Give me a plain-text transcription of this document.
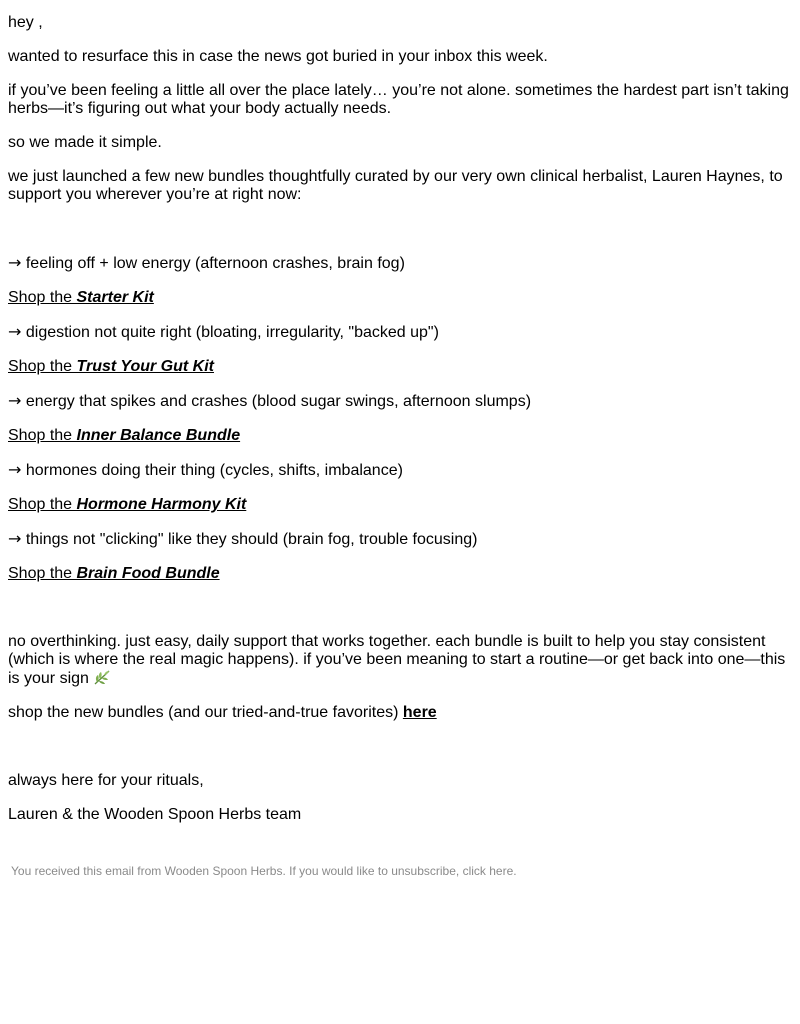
hey ,

wanted to resurface this in case the news got buried in your inbox this week.

if you’ve been feeling a little all over the place lately… you’re not alone. sometimes the hardest part isn’t taking herbs—it’s figuring out what your body actually needs.

so we made it simple.

we just launched a few new bundles thoughtfully curated by our very own clinical herbalist, Lauren Haynes, to support you wherever you’re at right now:

→ feeling off + low energy (afternoon crashes, brain fog)

Shop the Starter Kit

→ digestion not quite right (bloating, irregularity, "backed up")

Shop the Trust Your Gut Kit

→ energy that spikes and crashes (blood sugar swings, afternoon slumps)

Shop the Inner Balance Bundle

→ hormones doing their thing (cycles, shifts, imbalance)

Shop the Hormone Harmony Kit

→ things not "clicking" like they should (brain fog, trouble focusing)

Shop the Brain Food Bundle

no overthinking. just easy, daily support that works together. each bundle is built to help you stay consistent (which is where the real magic happens). if you’ve been meaning to start a routine—or get back into one—this is your sign

shop the new bundles (and our tried-and-true favorites) here

always here for your rituals,

Lauren & the Wooden Spoon Herbs team

You received this email from Wooden Spoon Herbs. If you would like to unsubscribe, click here.
